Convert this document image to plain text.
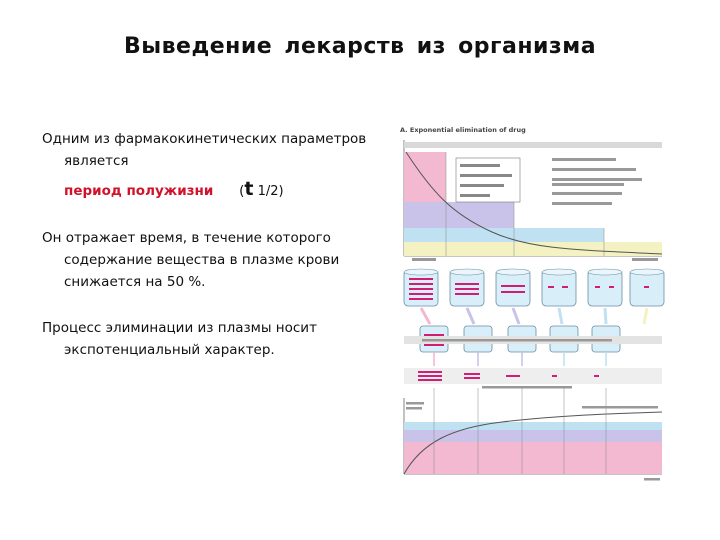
Выведение лекарств из организма

Одним из фармакокинетических параметров является
период полужизни (t 1/2)

Он отражает время, в течение которого содержание вещества в плазме крови снижается на 50 %.

Процесс элиминации из плазмы носит экспотенциальный характер.

A. Exponential elimination of drug
